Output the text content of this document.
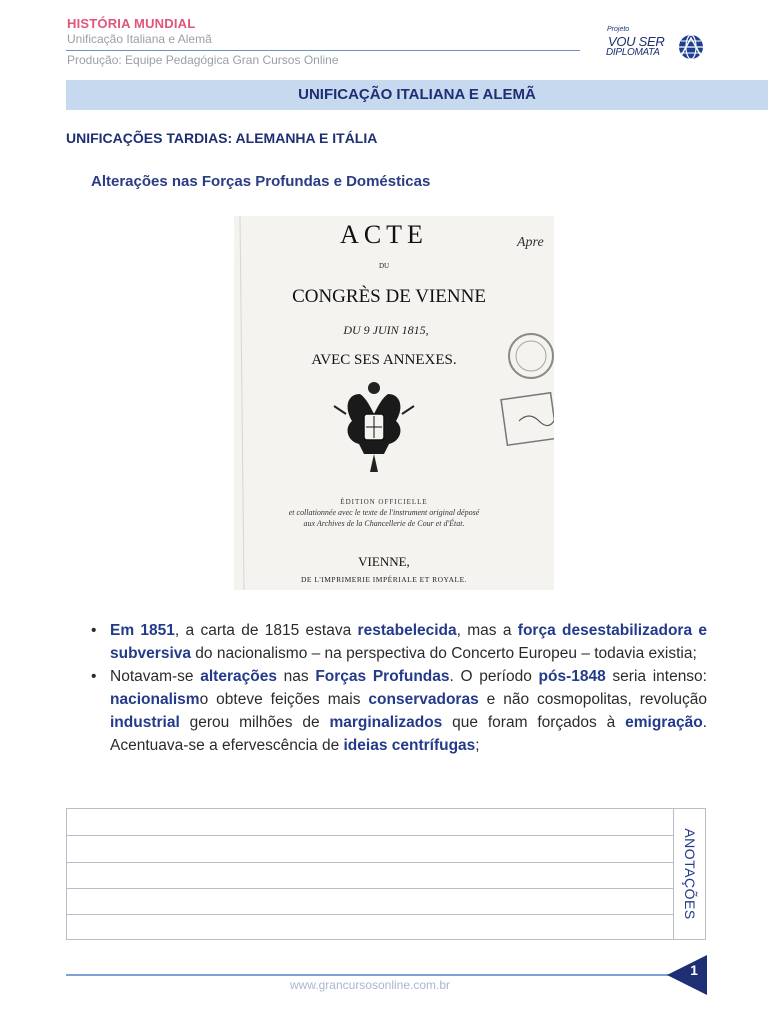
HISTÓRIA MUNDIAL
Unificação Italiana e Alemã
Produção: Equipe Pedagógica Gran Cursos Online
Projeto
VOU SER
DIPLOMATA
UNIFICAÇÃO ITALIANA E ALEMÃ
UNIFICAÇÕES TARDIAS: ALEMANHA E ITÁLIA
Alterações nas Forças Profundas e Domésticas
ACTE
DU
CONGRÈS DE VIENNE
DU 9 JUIN 1815,
AVEC SES ANNEXES.
Apre
ÉDITION OFFICIELLE
et collationnée avec le texte de l'instrument original déposé
aux Archives de la Chancellerie de Cour et d'État.
VIENNE,
DE L'IMPRIMERIE IMPÉRIALE ET ROYALE.
• Em 1851, a carta de 1815 estava restabelecida, mas a força desestabilizadora e subversiva do nacionalismo – na perspectiva do Concerto Europeu – todavia existia;
• Notavam-se alterações nas Forças Profundas. O período pós-1848 seria intenso: nacionalismo obteve feições mais conservadoras e não cosmopolitas, revolução industrial gerou milhões de marginalizados que foram forçados à emigração. Acentuava-se a efervescência de ideias centrífugas;
ANOTAÇÕES
1
www.grancursosonline.com.br
